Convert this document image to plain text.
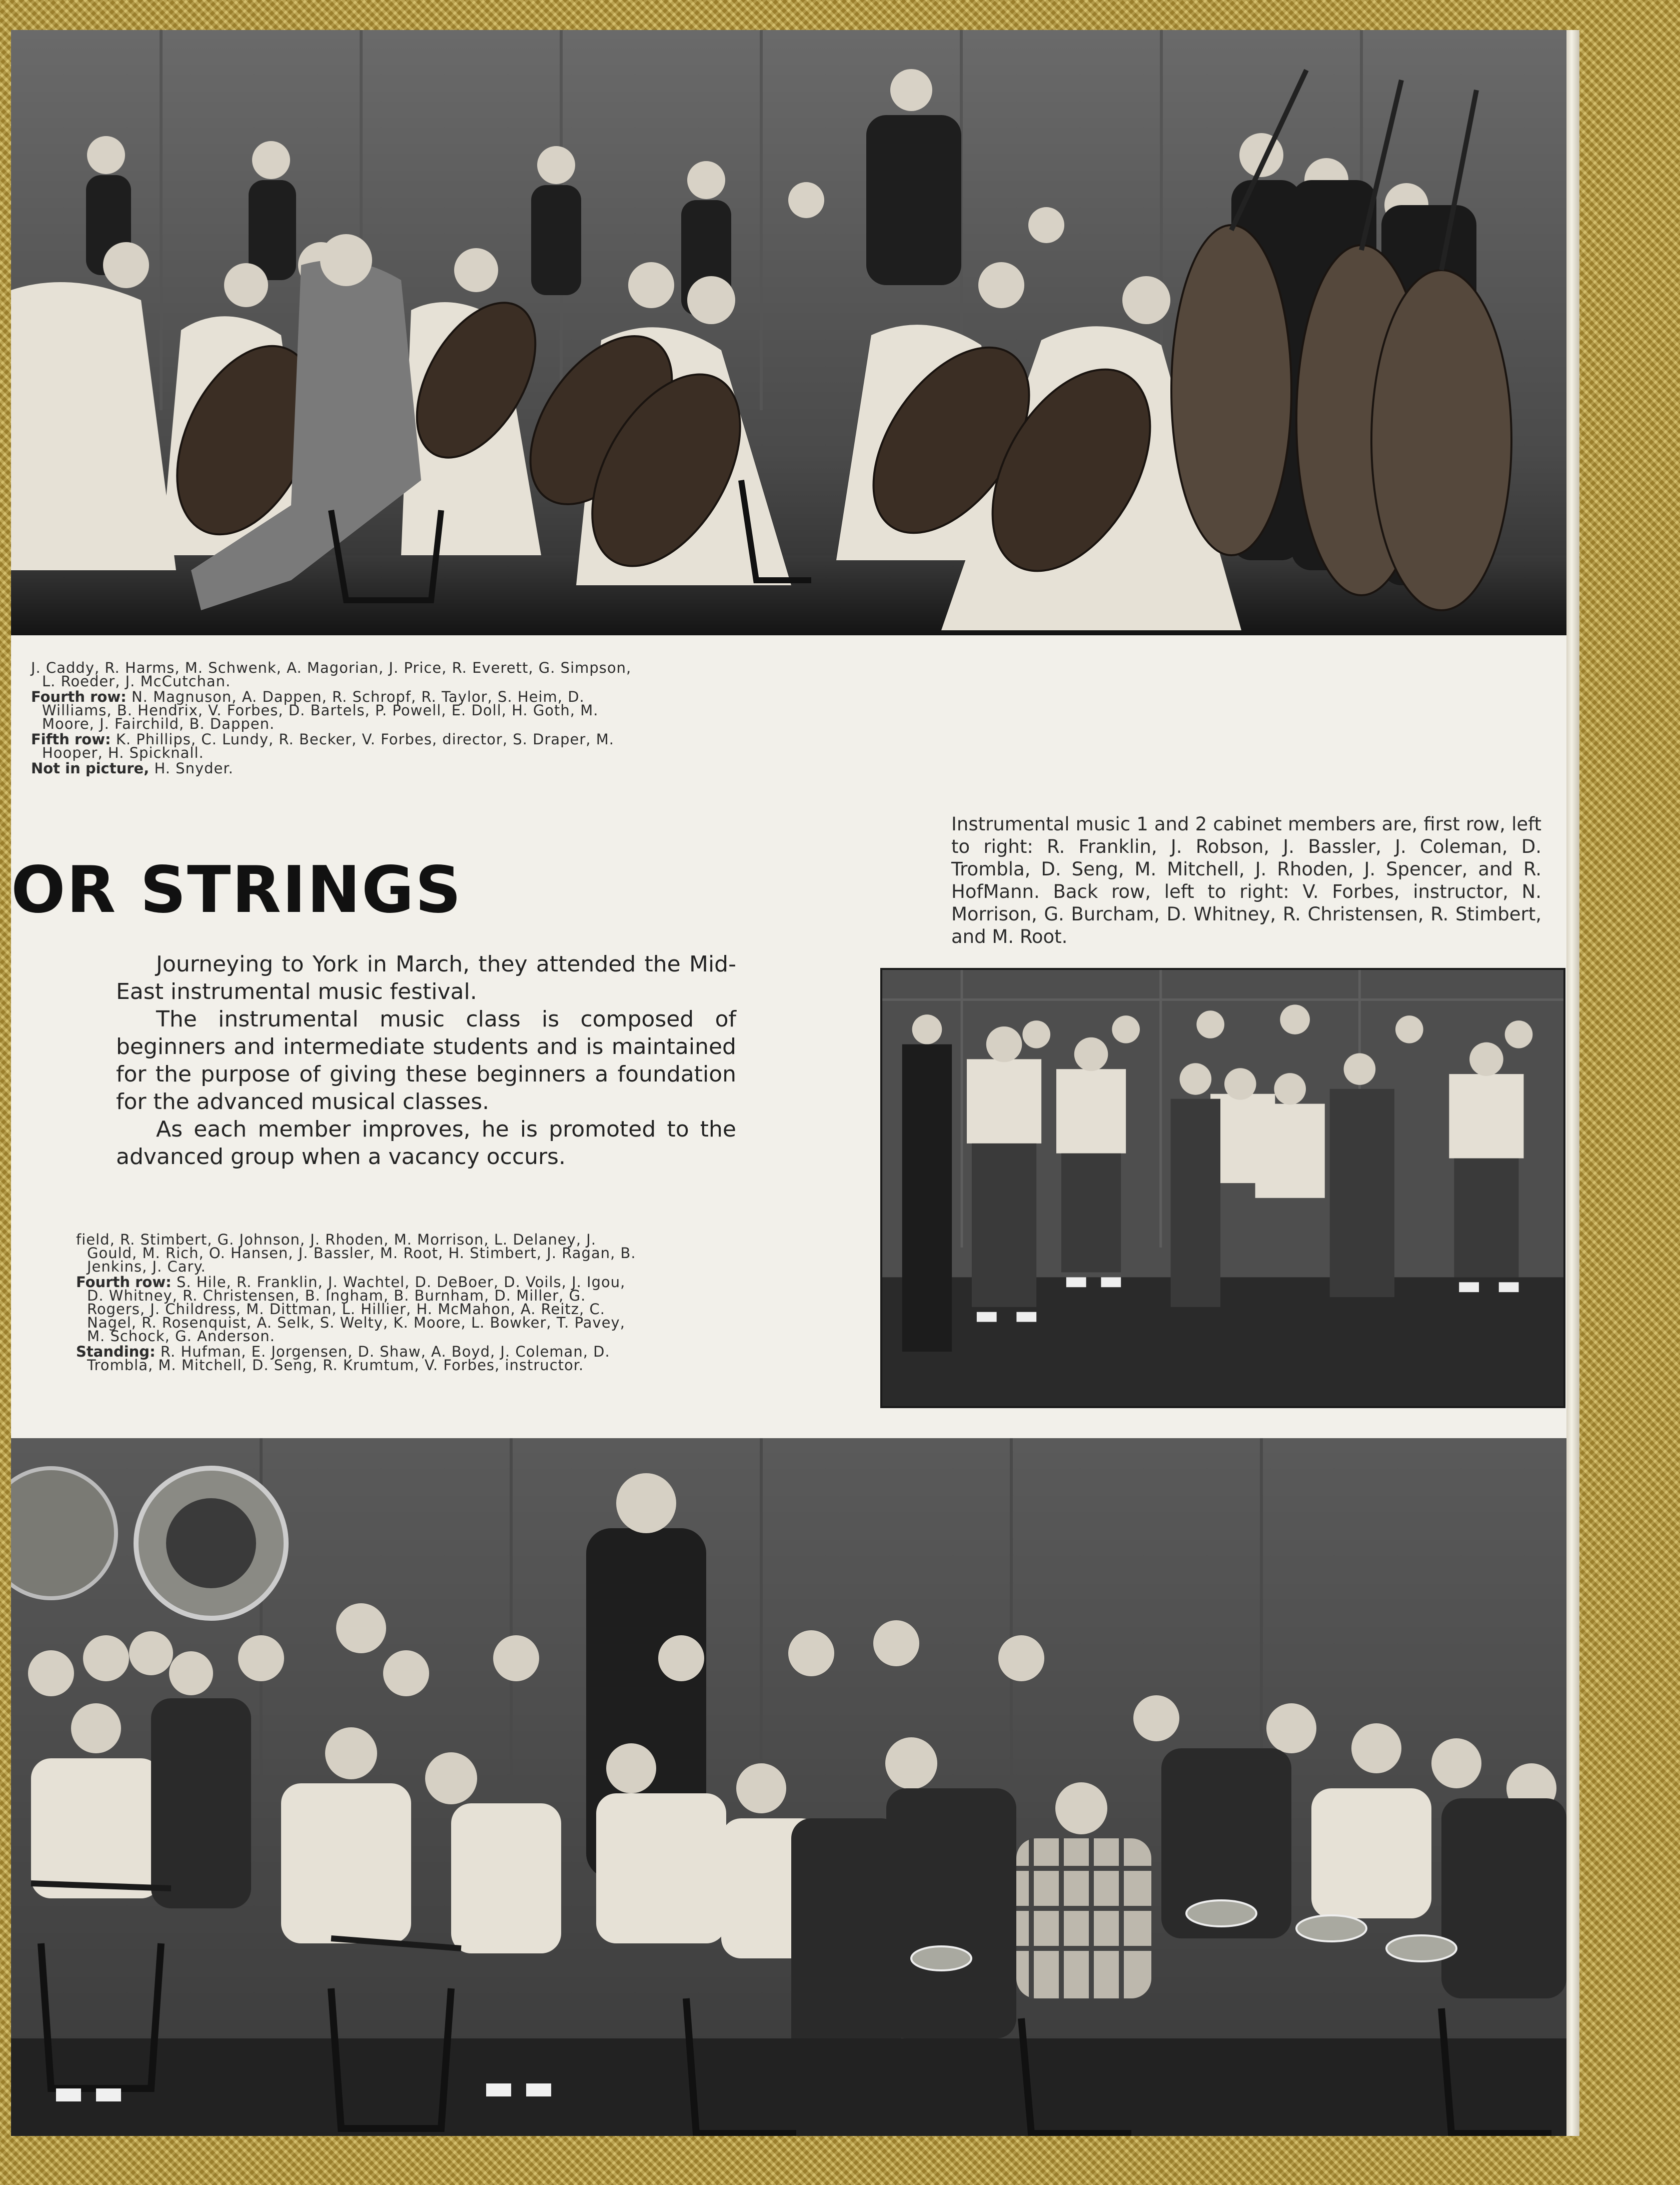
J. Caddy, R. Harms, M. Schwenk, A. Magorian, J. Price, R. Everett, G. Simpson, L. Roeder, J. McCutchan.

Fourth row: N. Magnuson, A. Dappen, R. Schropf, R. Taylor, S. Heim, D. Williams, B. Hendrix, V. Forbes, D. Bartels, P. Powell, E. Doll, H. Goth, M. Moore, J. Fairchild, B. Dappen.

Fifth row: K. Phillips, C. Lundy, R. Becker, V. Forbes, director, S. Draper, M. Hooper, H. Spicknall.

Not in picture, H. Snyder.

OR STRINGS

Journeying to York in March, they attended the Mid-East instrumental music festival.

The instrumental music class is composed of beginners and intermediate students and is maintained for the purpose of giving these beginners a foundation for the advanced musical classes.

As each member improves, he is promoted to the advanced group when a vacancy occurs.

Instrumental music 1 and 2 cabinet members are, first row, left to right: R. Franklin, J. Robson, J. Bassler, J. Coleman, D. Trombla, D. Seng, M. Mitchell, J. Rhoden, J. Spencer, and R. HofMann. Back row, left to right: V. Forbes, instructor, N. Morrison, G. Burcham, D. Whitney, R. Christensen, R. Stimbert, and M. Root.

field, R. Stimbert, G. Johnson, J. Rhoden, M. Morrison, L. Delaney, J. Gould, M. Rich, O. Hansen, J. Bassler, M. Root, H. Stimbert, J. Ragan, B. Jenkins, J. Cary.

Fourth row: S. Hile, R. Franklin, J. Wachtel, D. DeBoer, D. Voils, J. Igou, D. Whitney, R. Christensen, B. Ingham, B. Burnham, D. Miller, G. Rogers, J. Childress, M. Dittman, L. Hillier, H. McMahon, A. Reitz, C. Nagel, R. Rosenquist, A. Selk, S. Welty, K. Moore, L. Bowker, T. Pavey, M. Schock, G. Anderson.

Standing: R. Hufman, E. Jorgensen, D. Shaw, A. Boyd, J. Coleman, D. Trombla, M. Mitchell, D. Seng, R. Krumtum, V. Forbes, instructor.
